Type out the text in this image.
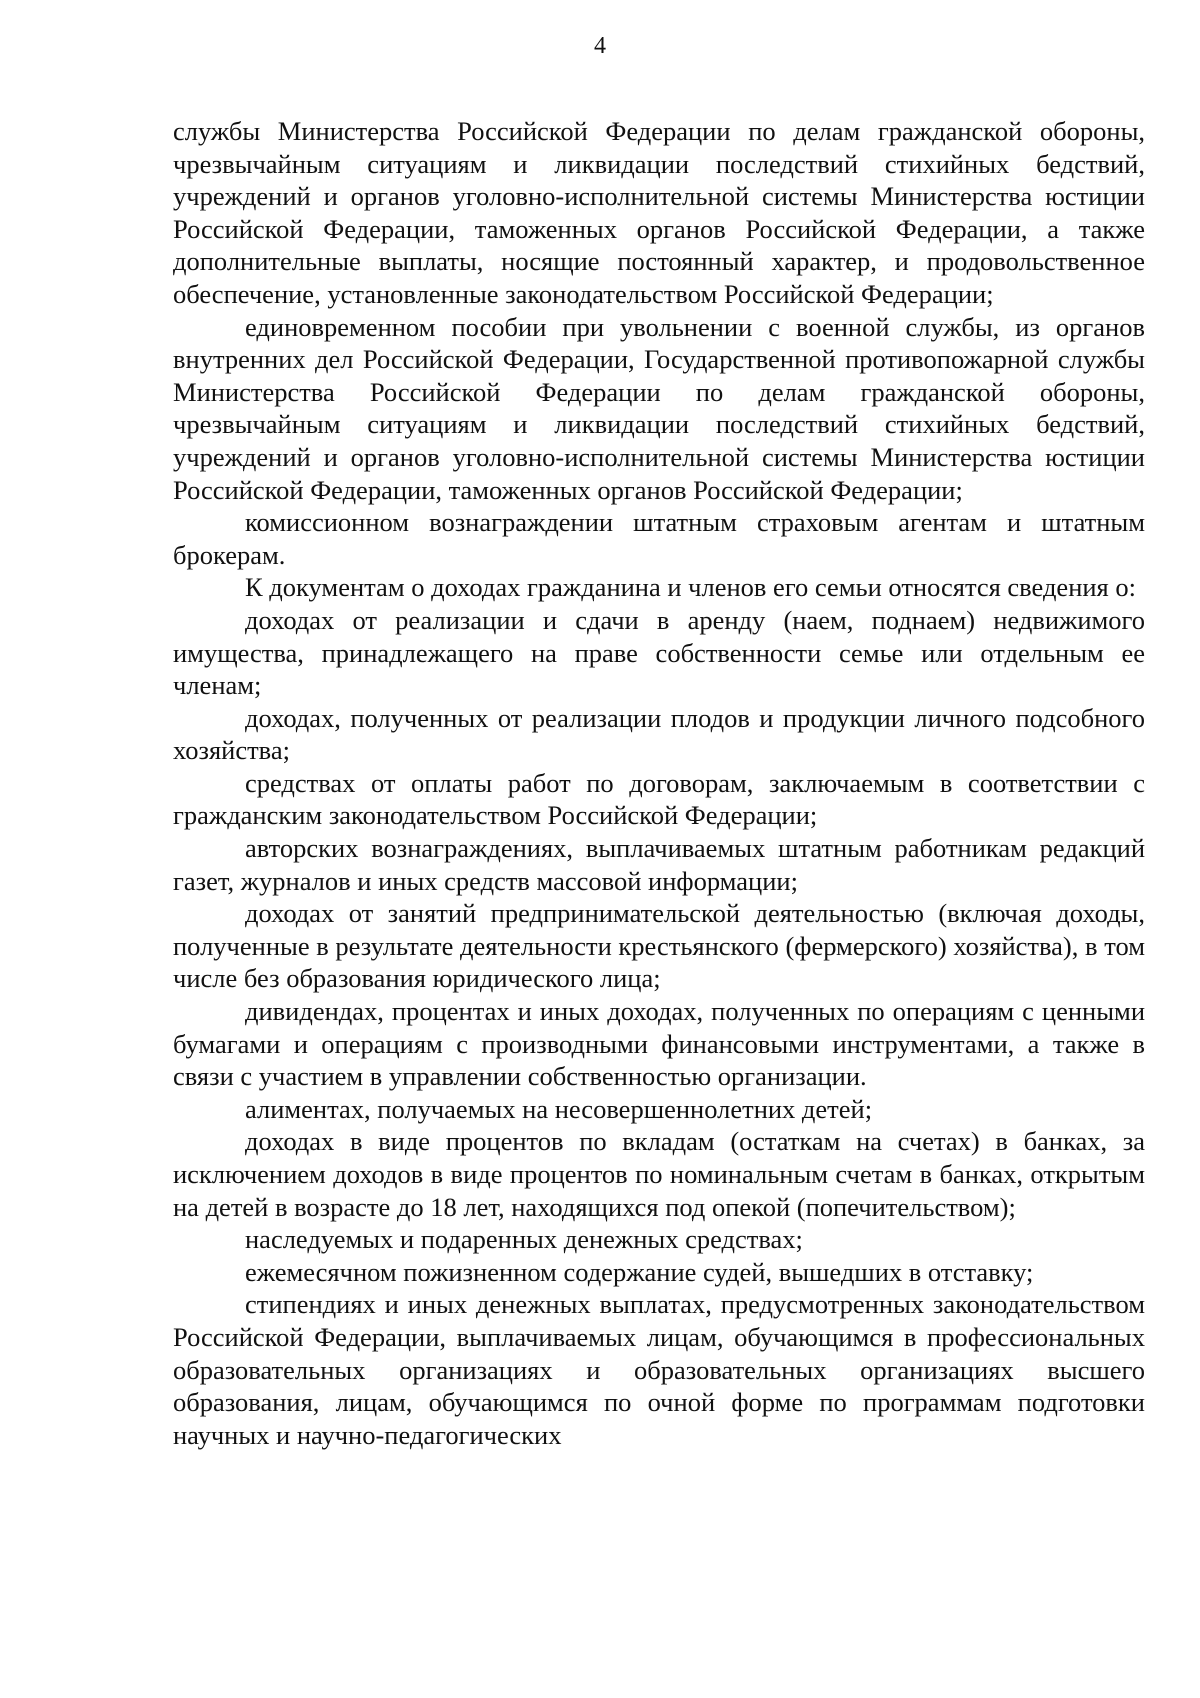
4

службы Министерства Российской Федерации по делам гражданской обороны, чрезвычайным ситуациям и ликвидации последствий стихийных бедствий, учреждений и органов уголовно-исполнительной системы Министерства юстиции Российской Федерации, таможенных органов Российской Федерации, а также дополнительные выплаты, носящие постоянный характер, и продовольственное обеспечение, установленные законодательством Российской Федерации;

единовременном пособии при увольнении с военной службы, из органов внутренних дел Российской Федерации, Государственной противопожарной службы Министерства Российской Федерации по делам гражданской обороны, чрезвычайным ситуациям и ликвидации последствий стихийных бедствий, учреждений и органов уголовно-исполнительной системы Министерства юстиции Российской Федерации, таможенных органов Российской Федерации;

комиссионном вознаграждении штатным страховым агентам и штатным брокерам.

К документам о доходах гражданина и членов его семьи относятся сведения о:

доходах от реализации и сдачи в аренду (наем, поднаем) недвижимого имущества, принадлежащего на праве собственности семье или отдельным ее членам;

доходах, полученных от реализации плодов и продукции личного подсобного хозяйства;

средствах от оплаты работ по договорам, заключаемым в соответствии с гражданским законодательством Российской Федерации;

авторских вознаграждениях, выплачиваемых штатным работникам редакций газет, журналов и иных средств массовой информации;

доходах от занятий предпринимательской деятельностью (включая доходы, полученные в результате деятельности крестьянского (фермерского) хозяйства), в том числе без образования юридического лица;

дивидендах, процентах и иных доходах, полученных по операциям с ценными бумагами и операциям с производными финансовыми инструментами, а также в связи с участием в управлении собственностью организации.

алиментах, получаемых на несовершеннолетних детей;

доходах в виде процентов по вкладам (остаткам на счетах) в банках, за исключением доходов в виде процентов по номинальным счетам в банках, открытым на детей в возрасте до 18 лет, находящихся под опекой (попечительством);

наследуемых и подаренных денежных средствах;

ежемесячном пожизненном содержание судей, вышедших в отставку;

стипендиях и иных денежных выплатах, предусмотренных законодательством Российской Федерации, выплачиваемых лицам, обучающимся в профессиональных образовательных организациях и образовательных организациях высшего образования, лицам, обучающимся по очной форме по программам подготовки научных и научно-педагогических
